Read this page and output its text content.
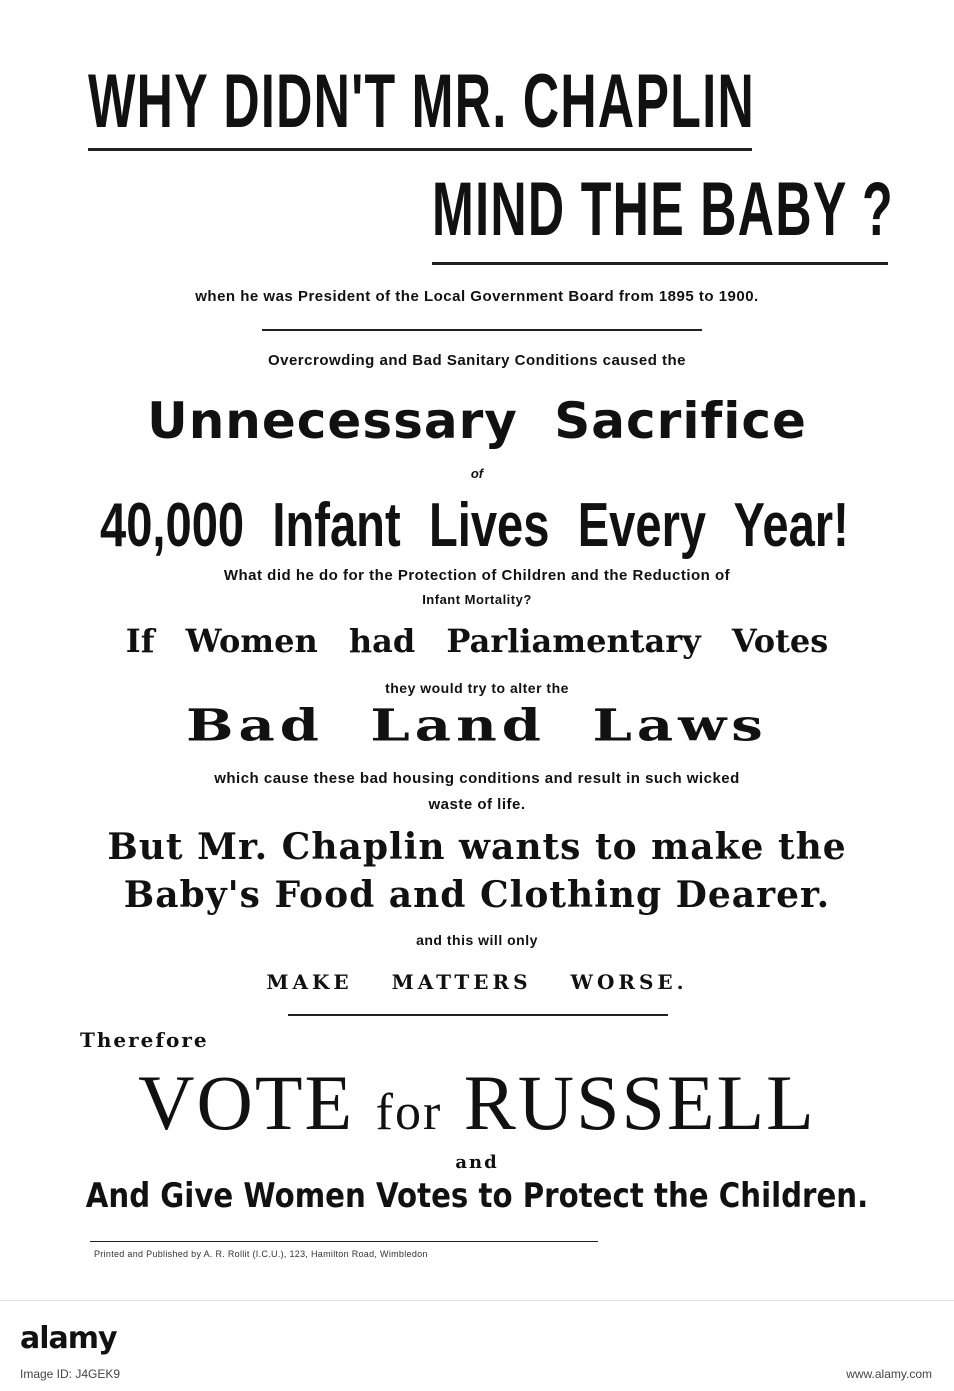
WHY DIDN'T MR. CHAPLIN
MIND THE BABY ?

when he was President of the Local Government Board from 1895 to 1900.

Overcrowding and Bad Sanitary Conditions caused the

Unnecessary Sacrifice

of

40,000 Infant Lives Every Year!

What did he do for the Protection of Children and the Reduction of

Infant Mortality?

If Women had Parliamentary Votes

they would try to alter the

Bad Land Laws

which cause these bad housing conditions and result in such wicked

waste of life.

But Mr. Chaplin wants to make the

Baby's Food and Clothing Dearer.

and this will only

MAKE MATTERS WORSE.

Therefore

VOTE for RUSSELL

and

And Give Women Votes to Protect the Children.

Printed and Published by A. R. Rollit (I.C.U.), 123, Hamilton Road, Wimbledon

alamy
Image ID: J4GEK9	www.alamy.com
